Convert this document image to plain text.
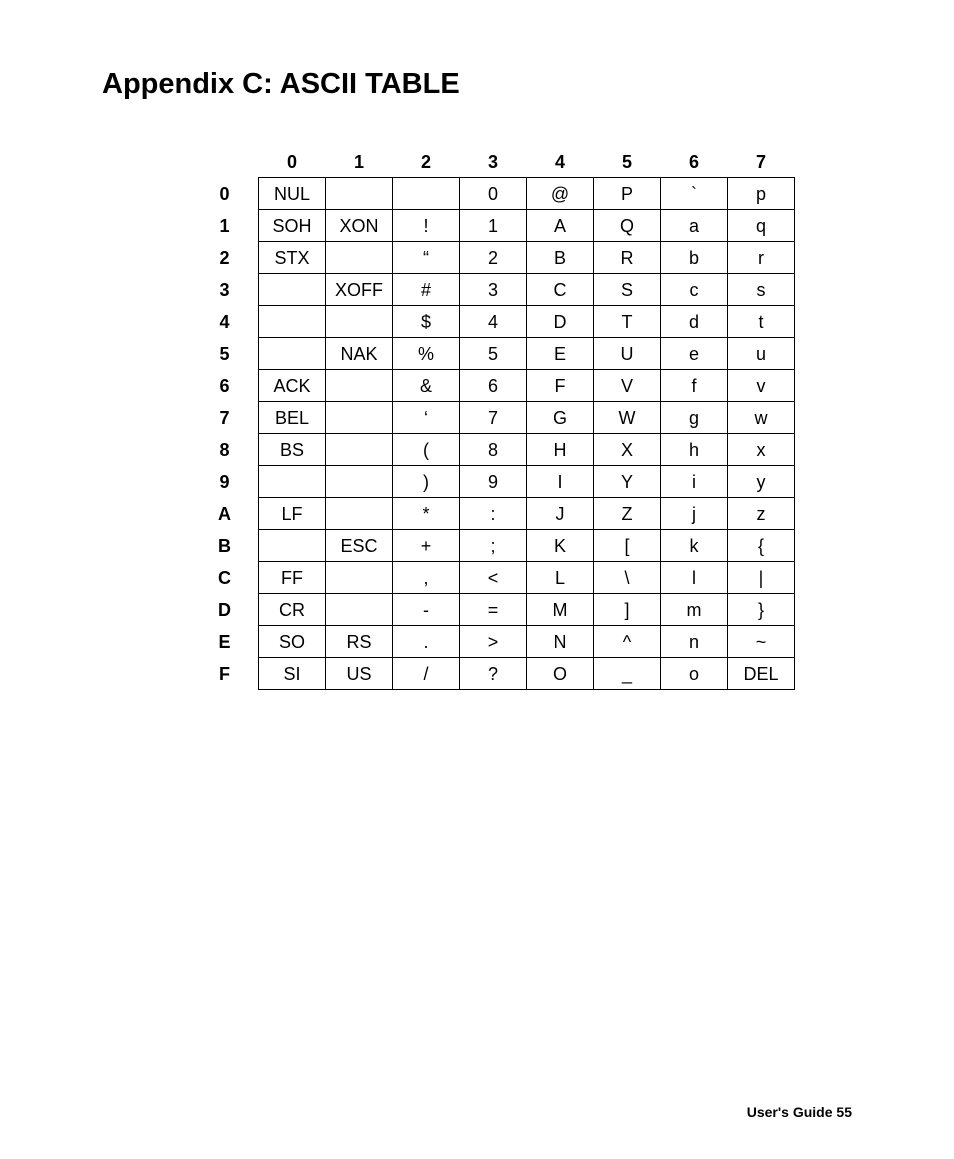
Appendix C: ASCII TABLE
	0	1	2	3	4	5	6	7
0	NUL			0	@	P	`	p
1	SOH	XON	!	1	A	Q	a	q
2	STX		“	2	B	R	b	r
3		XOFF	#	3	C	S	c	s
4			$	4	D	T	d	t
5		NAK	%	5	E	U	e	u
6	ACK		&	6	F	V	f	v
7	BEL		‘	7	G	W	g	w
8	BS		(	8	H	X	h	x
9			)	9	I	Y	i	y
A	LF		*	:	J	Z	j	z
B		ESC	+	;	K	[	k	{
C	FF		,	<	L	\	l	|
D	CR		-	=	M	]	m	}
E	SO	RS	.	>	N	^	n	~
F	SI	US	/	?	O	_	o	DEL
User's Guide 55
